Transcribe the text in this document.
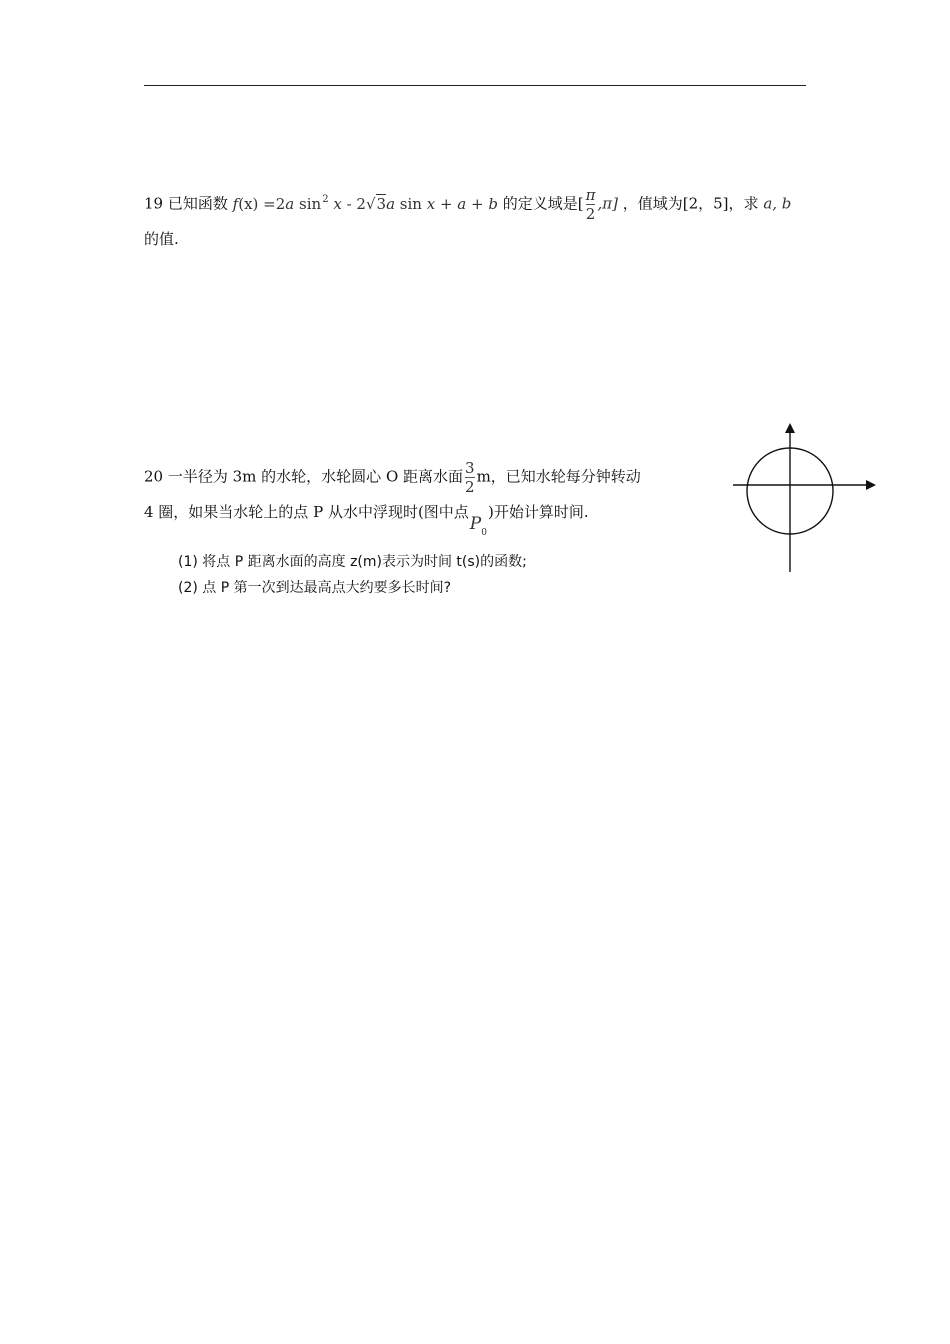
19 已知函数 f(x) =2a $\sin^2 x - 2√3a$ sin x + a + b 的定义域是[ $\frac{\pi}{2} ,\pi$] ，值域为[2，5]，求 a, b
的值.
20 一半径为 3m 的水轮，水轮圆心 O 距离水面 $\frac{3}{2}$ m，已知水轮每分钟转动
4 圈，如果当水轮上的点 P 从水中浮现时(图中点$P_0$)开始计算时间.
(1) 将点 P 距离水面的高度 z(m)表示为时间 t(s)的函数;
(2) 点 P 第一次到达最高点大约要多长时间?
